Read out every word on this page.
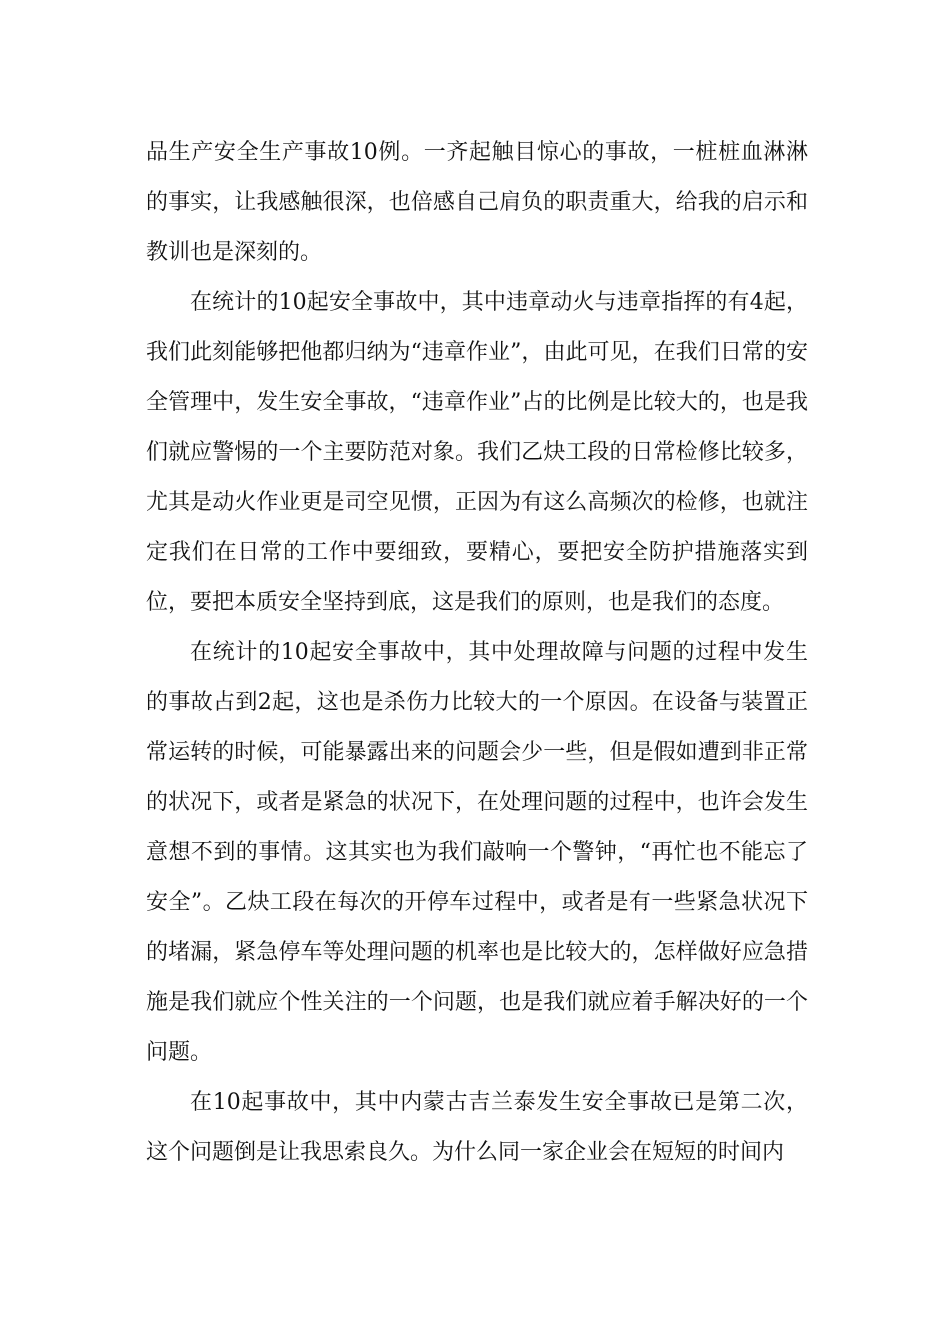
品生产安全生产事故10例。一齐起触目惊心的事故，一桩桩血淋淋的事实，让我感触很深，也倍感自己肩负的职责重大，给我的启示和教训也是深刻的。

在统计的10起安全事故中，其中违章动火与违章指挥的有4起，我们此刻能够把他都归纳为“违章作业”，由此可见，在我们日常的安全管理中，发生安全事故，“违章作业”占的比例是比较大的，也是我们就应警惕的一个主要防范对象。我们乙炔工段的日常检修比较多，尤其是动火作业更是司空见惯，正因为有这么高频次的检修，也就注定我们在日常的工作中要细致，要精心，要把安全防护措施落实到位，要把本质安全坚持到底，这是我们的原则，也是我们的态度。

在统计的10起安全事故中，其中处理故障与问题的过程中发生的事故占到2起，这也是杀伤力比较大的一个原因。在设备与装置正常运转的时候，可能暴露出来的问题会少一些，但是假如遭到非正常的状况下，或者是紧急的状况下，在处理问题的过程中，也许会发生意想不到的事情。这其实也为我们敲响一个警钟，“再忙也不能忘了安全”。乙炔工段在每次的开停车过程中，或者是有一些紧急状况下的堵漏，紧急停车等处理问题的机率也是比较大的，怎样做好应急措施是我们就应个性关注的一个问题，也是我们就应着手解决好的一个问题。

在10起事故中，其中内蒙古吉兰泰发生安全事故已是第二次，这个问题倒是让我思索良久。为什么同一家企业会在短短的时间内
